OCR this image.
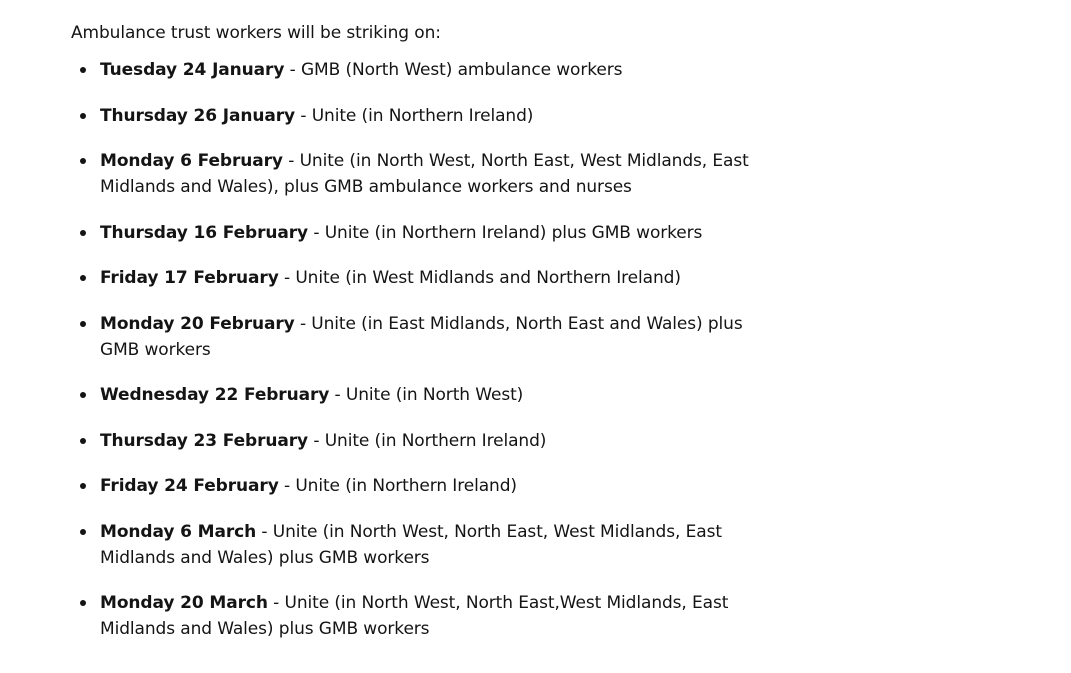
Ambulance trust workers will be striking on:

Tuesday 24 January - GMB (North West) ambulance workers
Thursday 26 January - Unite (in Northern Ireland)
Monday 6 February - Unite (in North West, North East, West Midlands, East Midlands and Wales), plus GMB ambulance workers and nurses
Thursday 16 February - Unite (in Northern Ireland) plus GMB workers
Friday 17 February - Unite (in West Midlands and Northern Ireland)
Monday 20 February - Unite (in East Midlands, North East and Wales) plus GMB workers
Wednesday 22 February - Unite (in North West)
Thursday 23 February - Unite (in Northern Ireland)
Friday 24 February - Unite (in Northern Ireland)
Monday 6 March - Unite (in North West, North East, West Midlands, East Midlands and Wales) plus GMB workers
Monday 20 March - Unite (in North West, North East,West Midlands, East Midlands and Wales) plus GMB workers
